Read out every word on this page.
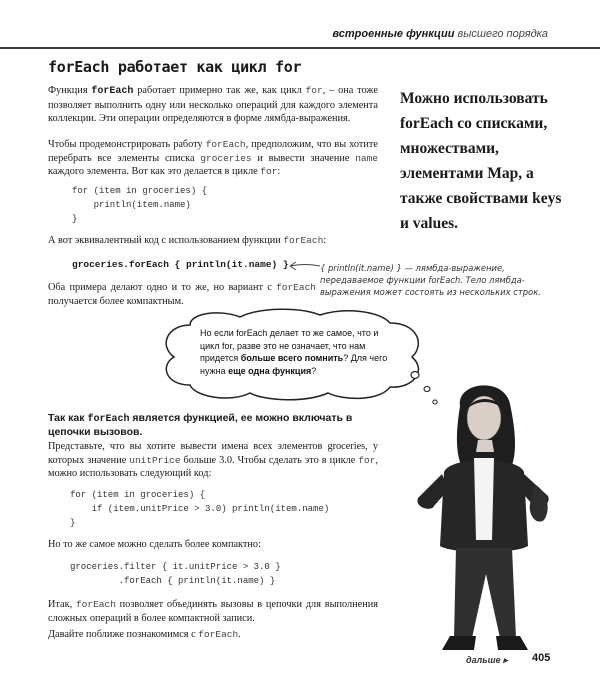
встроенные функции высшего порядка
forEach работает как цикл for

Функция forEach работает примерно так же, как цикл for, – она тоже позволяет выполнить одну или несколько операций для каждого элемента коллекции. Эти операции определяются в форме лямбда-выражения.

Чтобы продемонстрировать работу forEach, предположим, что вы хотите перебрать все элементы списка groceries и вывести значение name каждого элемента. Вот как это делается в цикле for:

for (item in groceries) {
println(item.name)
}

А вот эквивалентный код с использованием функции forEach:

groceries.forEach { println(it.name) }	{ println(it.name) } — лямбда-выражение, передаваемое функции forEach. Тело лямбда-выражения может состоять из нескольких строк.

Оба примера делают одно и то же, но вариант с forEach получается более компактным.

Можно использовать forEach со списками, множествами, элементами Map, а также свойствами keys и values.
Но если forEach делает то же самое, что и цикл for, разве это не означает, что нам придется больше всего помнить? Для чего нужна еще одна функция?
Так как forEach является функцией, ее можно включать в цепочки вызовов.

Представьте, что вы хотите вывести имена всех элементов groceries, у которых значение unitPrice больше 3.0. Чтобы сделать это в цикле for, можно использовать следующий код:

for (item in groceries) {
if (item.unitPrice > 3.0) println(item.name)
}

Но то же самое можно сделать более компактно:

groceries.filter { it.unitPrice > 3.0 }
.forEach { println(it.name) }

Итак, forEach позволяет объединять вызовы в цепочки для выполнения сложных операций в более компактной записи.

Давайте поближе познакомимся с forEach.

дальше ▸ 405
